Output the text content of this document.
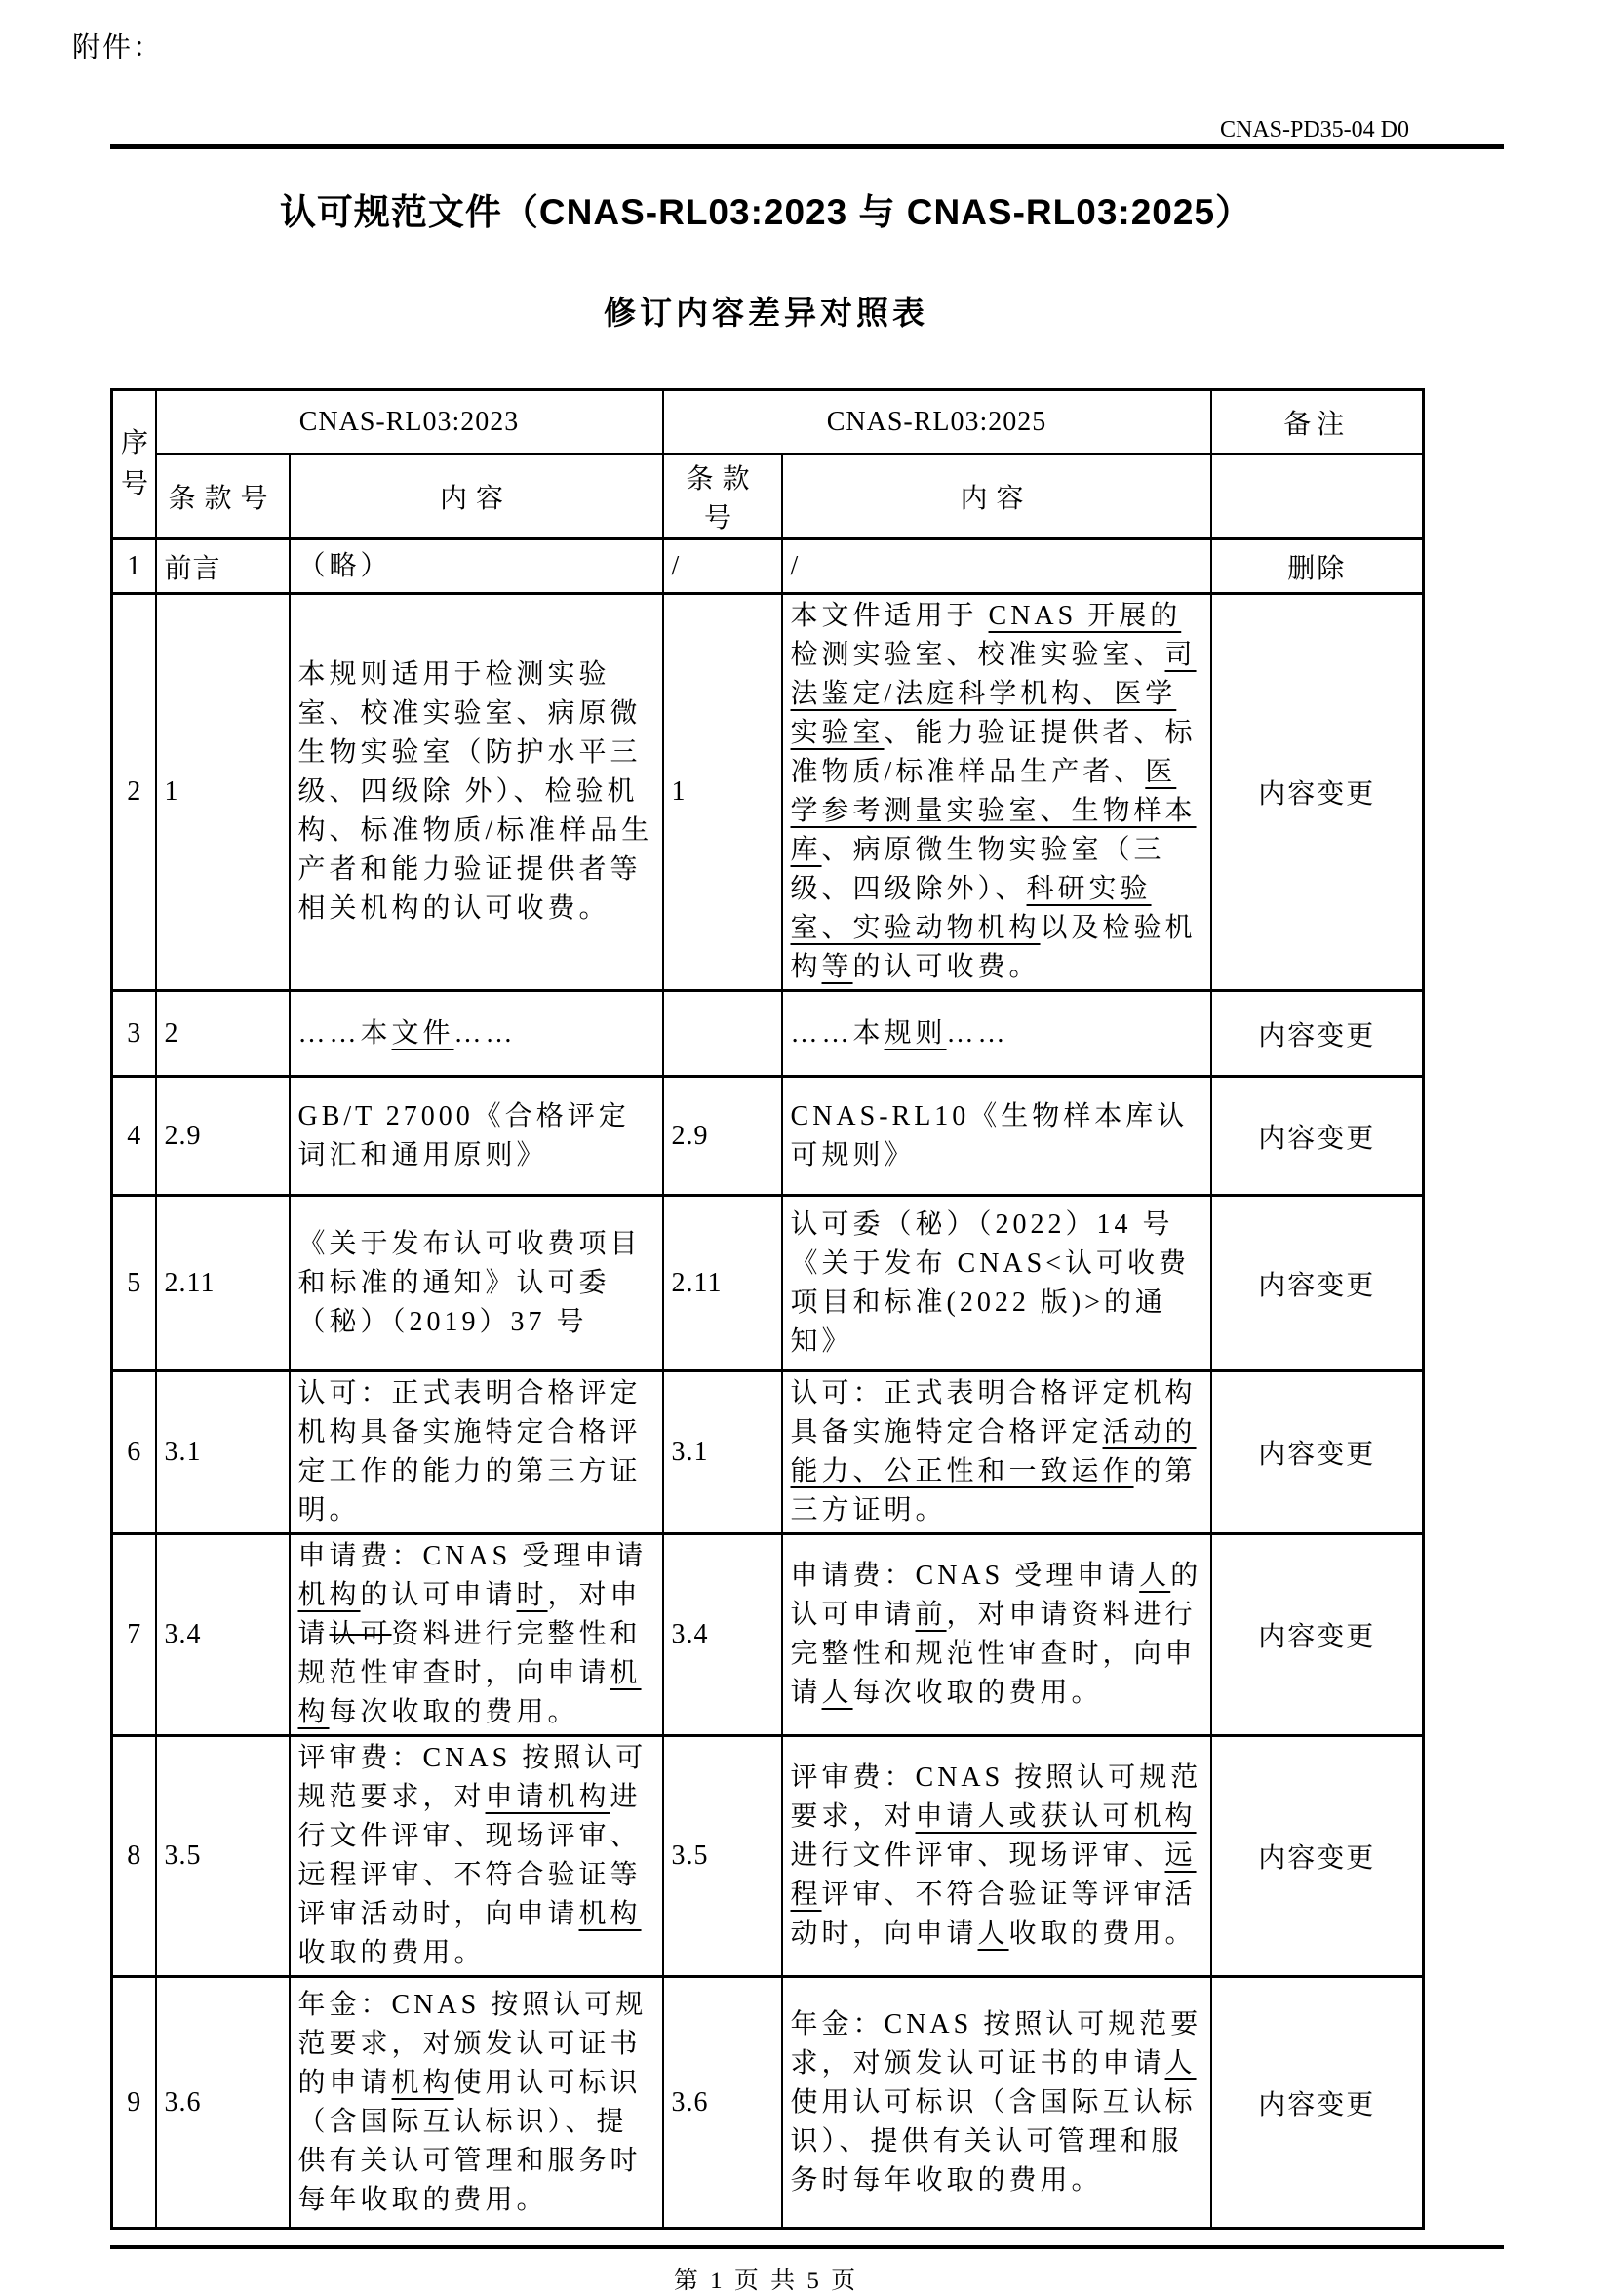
附件：
CNAS-PD35-04 D0
认可规范文件（CNAS-RL03:2023 与 CNAS-RL03:2025）
修订内容差异对照表
序号	CNAS-RL03:2023		CNAS-RL03:2025		备注
	条款号	内容	条款号	内容	
1	前言	（略）	/	/	删除
2	1	本规则适用于检测实验室、校准实验室、病原微生物实验室（防护水平三级、四级除 外）、检验机构、标准物质/标准样品生产者和能力验证提供者等相关机构的认可收费。	1	本文件适用于 CNAS 开展的检测实验室、校准实验室、司法鉴定/法庭科学机构、医学实验室、能力验证提供者、标准物质/标准样品生产者、医学参考测量实验室、生物样本库、病原微生物实验室（三级、四级除外）、科研实验室、实验动物机构以及检验机构等的认可收费。	内容变更
3	2	……本文件……		……本规则……	内容变更
4	2.9	GB/T 27000《合格评定 词汇和通用原则》	2.9	CNAS-RL10《生物样本库认可规则》	内容变更
5	2.11	《关于发布认可收费项目和标准的通知》认可委（秘）（2019）37 号	2.11	认可委（秘）（2022）14 号《关于发布 CNAS<认可收费项目和标准(2022 版)>的通知》	内容变更
6	3.1	认可：正式表明合格评定机构具备实施特定合格评定工作的能力的第三方证明。	3.1	认可：正式表明合格评定机构具备实施特定合格评定活动的能力、公正性和一致运作的第三方证明。	内容变更
7	3.4	申请费：CNAS 受理申请机构的认可申请时，对申请认可资料进行完整性和规范性审查时，向申请机构每次收取的费用。	3.4	申请费：CNAS 受理申请人的认可申请前，对申请资料进行完整性和规范性审查时，向申请人每次收取的费用。	内容变更
8	3.5	评审费：CNAS 按照认可规范要求，对申请机构进行文件评审、现场评审、远程评审、不符合验证等评审活动时，向申请机构收取的费用。	3.5	评审费：CNAS 按照认可规范要求，对申请人或获认可机构进行文件评审、现场评审、远程评审、不符合验证等评审活动时，向申请人收取的费用。	内容变更
9	3.6	年金：CNAS 按照认可规范要求，对颁发认可证书的申请机构使用认可标识（含国际互认标识）、提供有关认可管理和服务时每年收取的费用。	3.6	年金：CNAS 按照认可规范要求，对颁发认可证书的申请人使用认可标识（含国际互认标识）、提供有关认可管理和服务时每年收取的费用。	内容变更
第 1 页 共 5 页
